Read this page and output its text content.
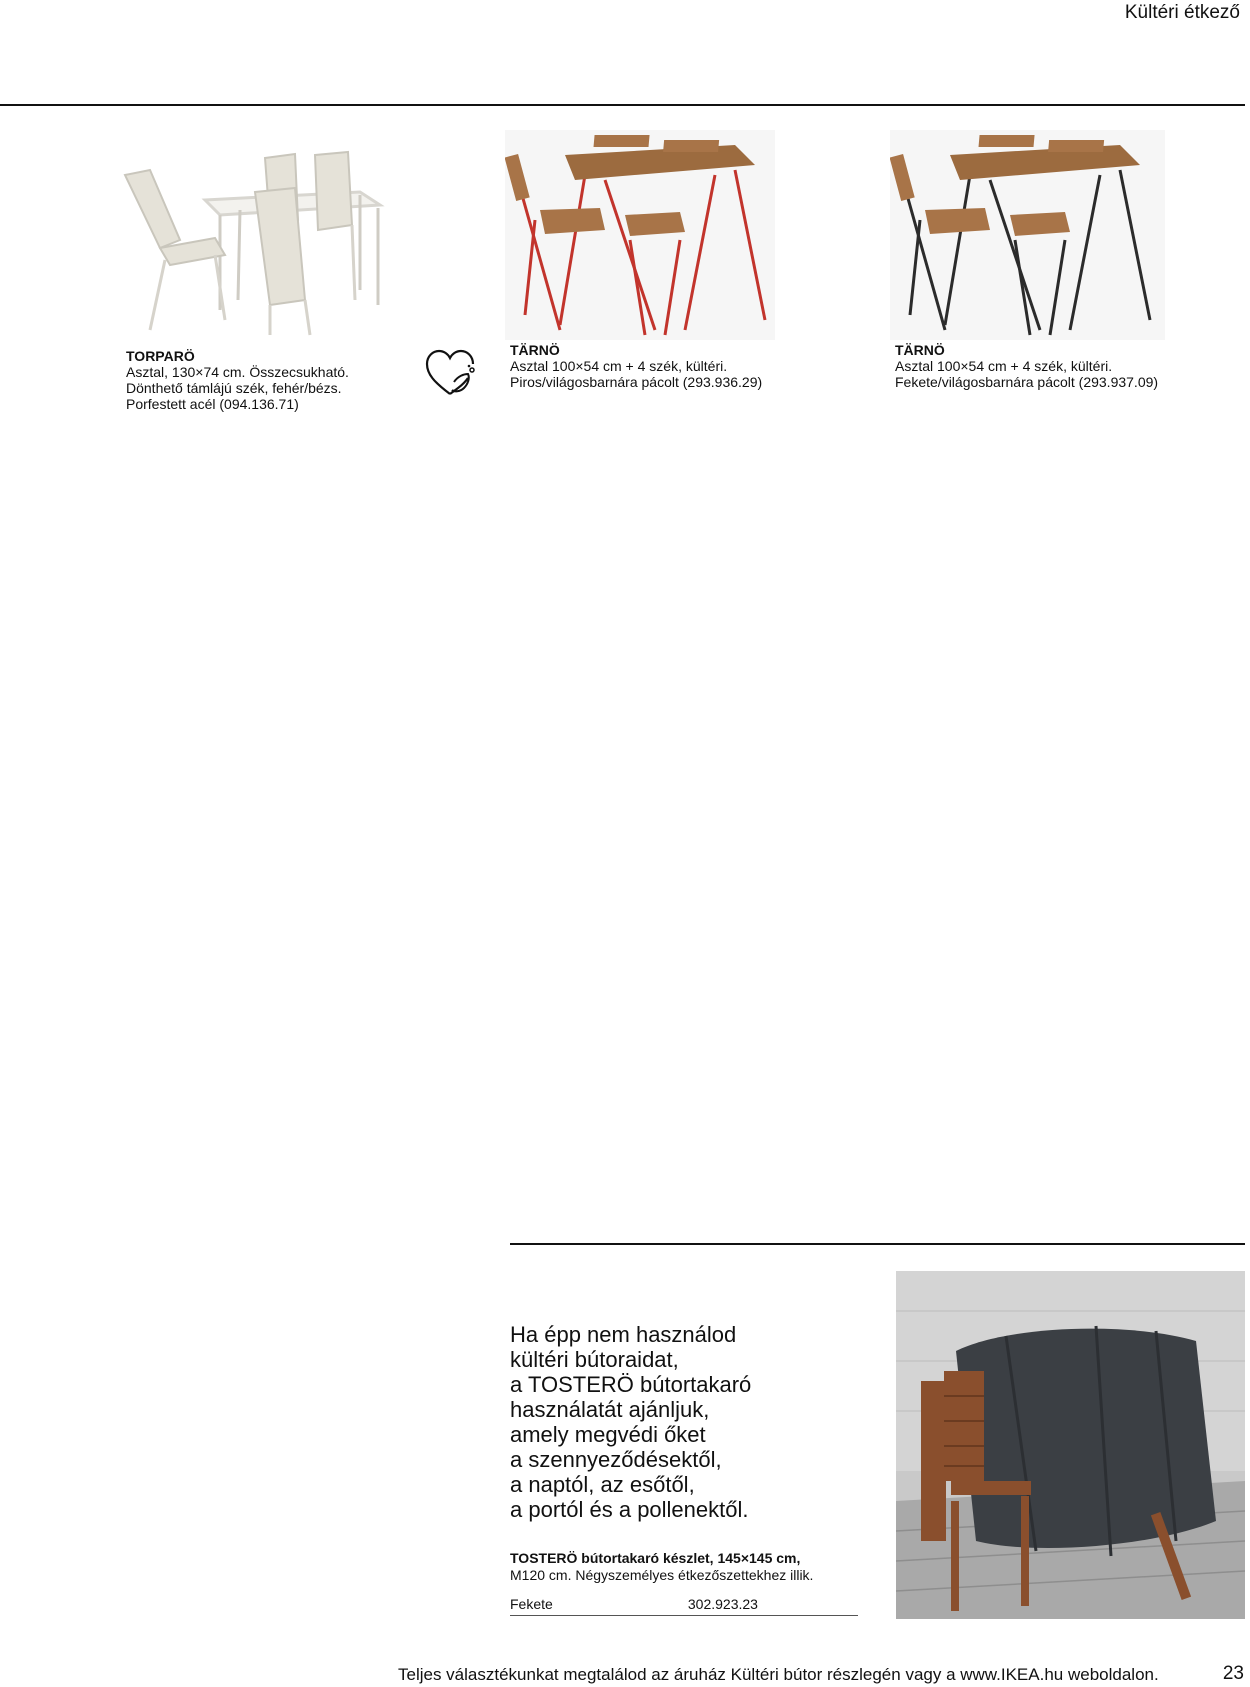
Kültéri étkező
TORPARÖ
Asztal, 130×74 cm. Összecsukható.
Dönthető támlájú szék, fehér/bézs.
Porfestett acél (094.136.71)
TÄRNÖ
Asztal 100×54 cm + 4 szék, kültéri.
Piros/világosbarnára pácolt (293.936.29)
TÄRNÖ
Asztal 100×54 cm + 4 szék, kültéri.
Fekete/világosbarnára pácolt (293.937.09)
Ha épp nem használod
kültéri bútoraidat,
a TOSTERÖ bútortakaró
használatát ajánljuk,
amely megvédi őket
a szennyeződésektől,
a naptól, az esőtől,
a portól és a pollenektől.
TOSTERÖ bútortakaró készlet, 145×145 cm,
M120 cm. Négyszemélyes étkezőszettekhez illik.
Fekete	302.923.23
Teljes választékunkat megtalálod az áruház Kültéri bútor részlegén vagy a www.IKEA.hu weboldalon.	23
